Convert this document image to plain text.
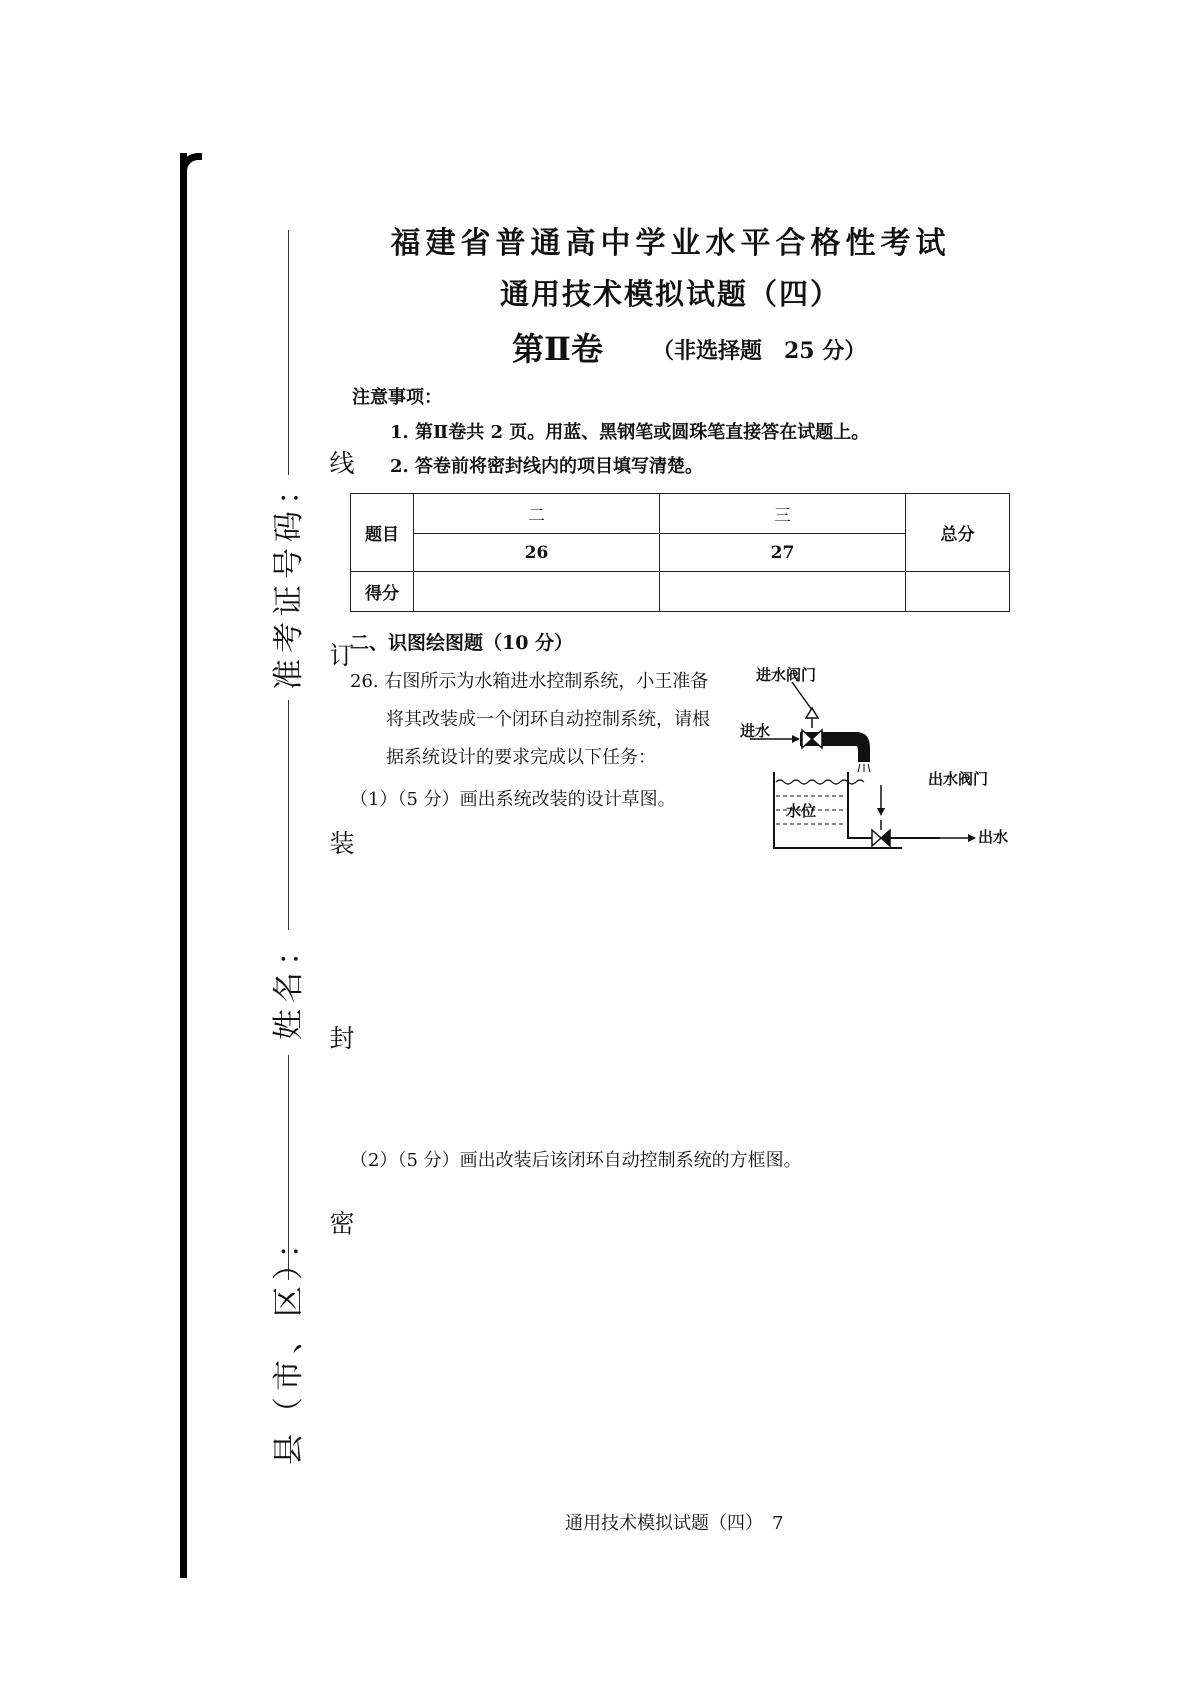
准考证号码：
姓名：
县（市、区）：
线
订
装
封
密
福建省普通高中学业水平合格性考试
通用技术模拟试题（四）
第Ⅱ卷 （非选择题　25 分）
注意事项：
1. 第Ⅱ卷共 2 页。用蓝、黑钢笔或圆珠笔直接答在试题上。
2. 答卷前将密封线内的项目填写清楚。
题目	二	三	总分
	26	27	
得分			
二、识图绘图题（10 分）
26. 右图所示为水箱进水控制系统，小王准备
将其改装成一个闭环自动控制系统，请根
据系统设计的要求完成以下任务：
（1）（5 分）画出系统改装的设计草图。
（2）（5 分）画出改装后该闭环自动控制系统的方框图。
进水阀门
进水
出水阀门
水位
出水
通用技术模拟试题（四）　7
